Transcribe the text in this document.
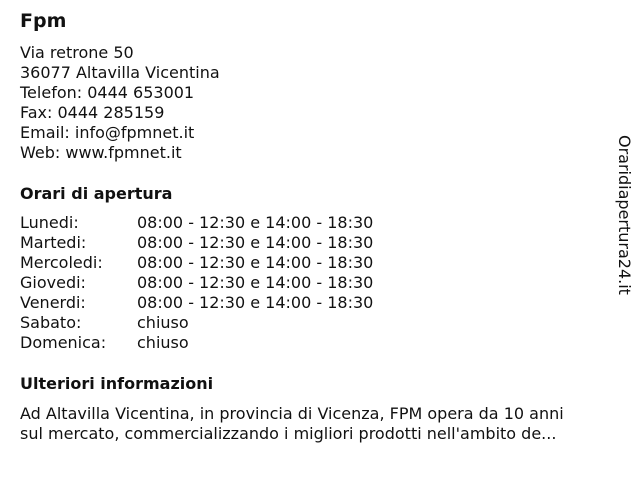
Fpm
Via retrone 50
36077 Altavilla Vicentina
Telefon: 0444 653001
Fax: 0444 285159
Email: info@fpmnet.it
Web: www.fpmnet.it
Orari di apertura
Lunedi:	08:00 - 12:30 e 14:00 - 18:30
Martedi:	08:00 - 12:30 e 14:00 - 18:30
Mercoledi:	08:00 - 12:30 e 14:00 - 18:30
Giovedi:	08:00 - 12:30 e 14:00 - 18:30
Venerdi:	08:00 - 12:30 e 14:00 - 18:30
Sabato:	chiuso
Domenica:	chiuso
Ulteriori informazioni
Ad Altavilla Vicentina, in provincia di Vicenza, FPM opera da 10 anni
sul mercato, commercializzando i migliori prodotti nell'ambito de...
Oraridiapertura24.it
